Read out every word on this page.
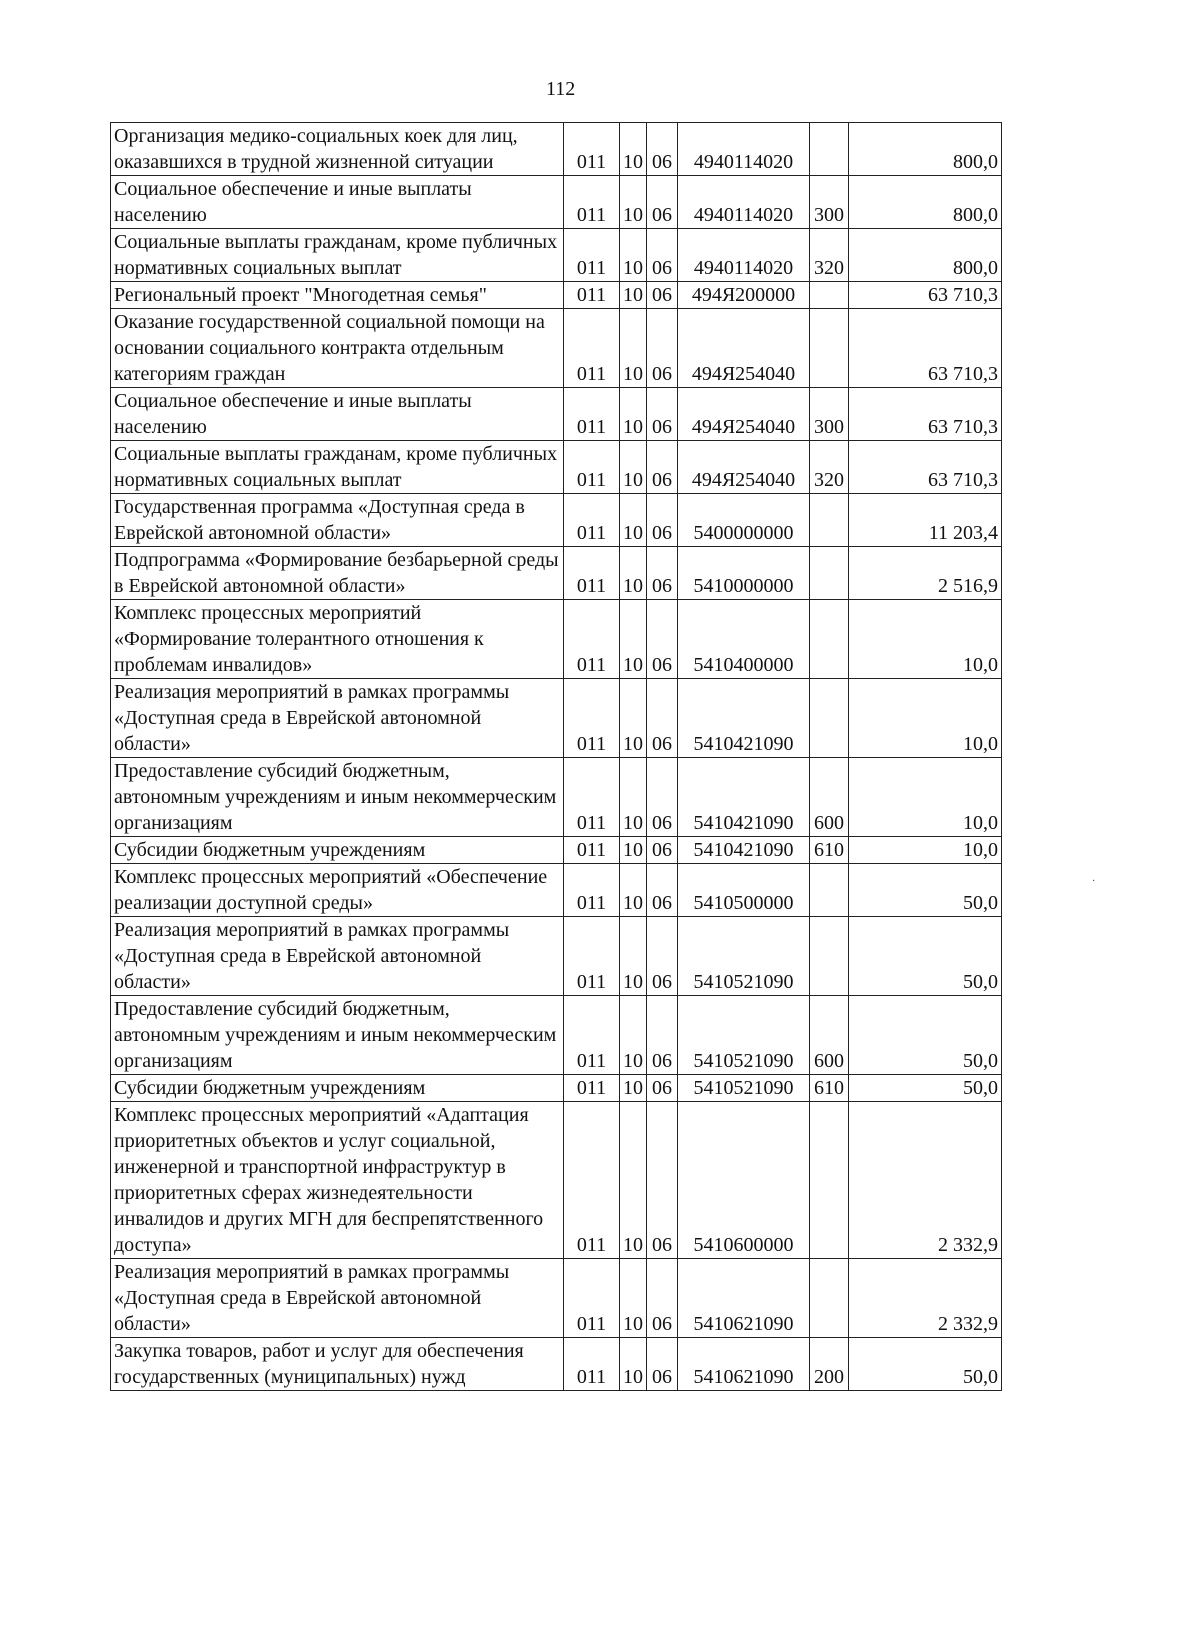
112
Организация медико-социальных коек для лиц, оказавшихся в трудной жизненной ситуации	011	10	06	4940114020		800,0
Социальное обеспечение и иные выплаты населению	011	10	06	4940114020	300	800,0
Социальные выплаты гражданам, кроме публичных нормативных социальных выплат	011	10	06	4940114020	320	800,0
Региональный проект "Многодетная семья"	011	10	06	494Я200000		63 710,3
Оказание государственной социальной помощи на основании социального контракта отдельным категориям граждан	011	10	06	494Я254040		63 710,3
Социальное обеспечение и иные выплаты населению	011	10	06	494Я254040	300	63 710,3
Социальные выплаты гражданам, кроме публичных нормативных социальных выплат	011	10	06	494Я254040	320	63 710,3
Государственная программа «Доступная среда в Еврейской автономной области»	011	10	06	5400000000		11 203,4
Подпрограмма «Формирование безбарьерной среды в Еврейской автономной области»	011	10	06	5410000000		2 516,9
Комплекс процессных мероприятий «Формирование толерантного отношения к проблемам инвалидов»	011	10	06	5410400000		10,0
Реализация мероприятий в рамках программы «Доступная среда в Еврейской автономной области»	011	10	06	5410421090		10,0
Предоставление субсидий бюджетным, автономным учреждениям и иным некоммерческим организациям	011	10	06	5410421090	600	10,0
Субсидии бюджетным учреждениям	011	10	06	5410421090	610	10,0
Комплекс процессных мероприятий «Обеспечение реализации доступной среды»	011	10	06	5410500000		50,0
Реализация мероприятий в рамках программы «Доступная среда в Еврейской автономной области»	011	10	06	5410521090		50,0
Предоставление субсидий бюджетным, автономным учреждениям и иным некоммерческим организациям	011	10	06	5410521090	600	50,0
Субсидии бюджетным учреждениям	011	10	06	5410521090	610	50,0
Комплекс процессных мероприятий «Адаптация приоритетных объектов и услуг социальной, инженерной и транспортной инфраструктур в приоритетных сферах жизнедеятельности инвалидов и других МГН для беспрепятственного доступа»	011	10	06	5410600000		2 332,9
Реализация мероприятий в рамках программы «Доступная среда в Еврейской автономной области»	011	10	06	5410621090		2 332,9
Закупка товаров, работ и услуг для обеспечения государственных (муниципальных) нужд	011	10	06	5410621090	200	50,0
·
